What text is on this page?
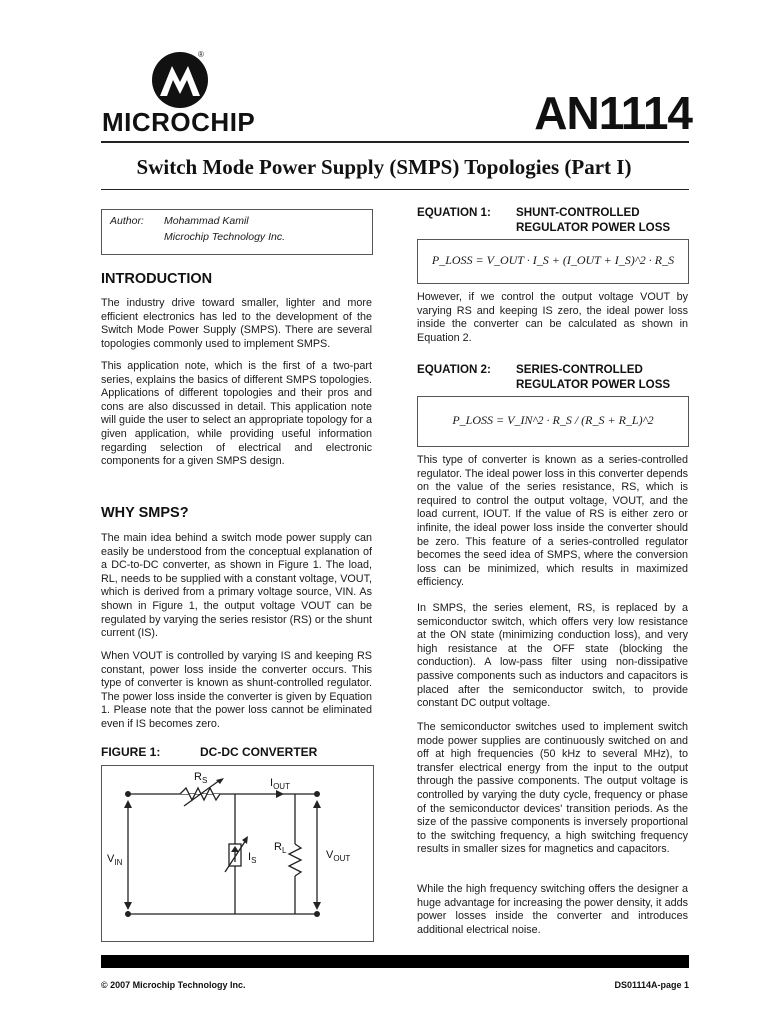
®
MICROCHIP	AN1114
Switch Mode Power Supply (SMPS) Topologies (Part I)
Author: Mohammad Kamil
Microchip Technology Inc.
INTRODUCTION
The industry drive toward smaller, lighter and more efficient electronics has led to the development of the Switch Mode Power Supply (SMPS). There are several topologies commonly used to implement SMPS.
This application note, which is the first of a two-part series, explains the basics of different SMPS topologies. Applications of different topologies and their pros and cons are also discussed in detail. This application note will guide the user to select an appropriate topology for a given application, while providing useful information regarding selection of electrical and electronic components for a given SMPS design.
WHY SMPS?
The main idea behind a switch mode power supply can easily be understood from the conceptual explanation of a DC-to-DC converter, as shown in Figure 1. The load, RL, needs to be supplied with a constant voltage, VOUT, which is derived from a primary voltage source, VIN. As shown in Figure 1, the output voltage VOUT can be regulated by varying the series resistor (RS) or the shunt current (IS).
When VOUT is controlled by varying IS and keeping RS constant, power loss inside the converter occurs. This type of converter is known as shunt-controlled regulator. The power loss inside the converter is given by Equation 1. Please note that the power loss cannot be eliminated even if IS becomes zero.
FIGURE 1:	DC-DC CONVERTER
$R_S$	$I_{OUT}$
$V_{IN}$	$I_S$
$R_L$	$V_{OUT}$
EQUATION 1: SHUNT-CONTROLLED
REGULATOR POWER LOSS
P_LOSS = V_OUT · I_S + (I_OUT + I_S)^2 · R_S
However, if we control the output voltage VOUT by varying RS and keeping IS zero, the ideal power loss inside the converter can be calculated as shown in Equation 2.
EQUATION 2: SERIES-CONTROLLED
REGULATOR POWER LOSS
P_LOSS = V_IN^2 · R_S / (R_S + R_L)^2
This type of converter is known as a series-controlled regulator. The ideal power loss in this converter depends on the value of the series resistance, RS, which is required to control the output voltage, VOUT, and the load current, IOUT. If the value of RS is either zero or infinite, the ideal power loss inside the converter should be zero. This feature of a series-controlled regulator becomes the seed idea of SMPS, where the conversion loss can be minimized, which results in maximized efficiency.
In SMPS, the series element, RS, is replaced by a semiconductor switch, which offers very low resistance at the ON state (minimizing conduction loss), and very high resistance at the OFF state (blocking the conduction). A low-pass filter using non-dissipative passive components such as inductors and capacitors is placed after the semiconductor switch, to provide constant DC output voltage.
The semiconductor switches used to implement switch mode power supplies are continuously switched on and off at high frequencies (50 kHz to several MHz), to transfer electrical energy from the input to the output through the passive components. The output voltage is controlled by varying the duty cycle, frequency or phase of the semiconductor devices' transition periods. As the size of the passive components is inversely proportional to the switching frequency, a high switching frequency results in smaller sizes for magnetics and capacitors.
While the high frequency switching offers the designer a huge advantage for increasing the power density, it adds power losses inside the converter and introduces additional electrical noise.
© 2007 Microchip Technology Inc.	DS01114A-page 1
